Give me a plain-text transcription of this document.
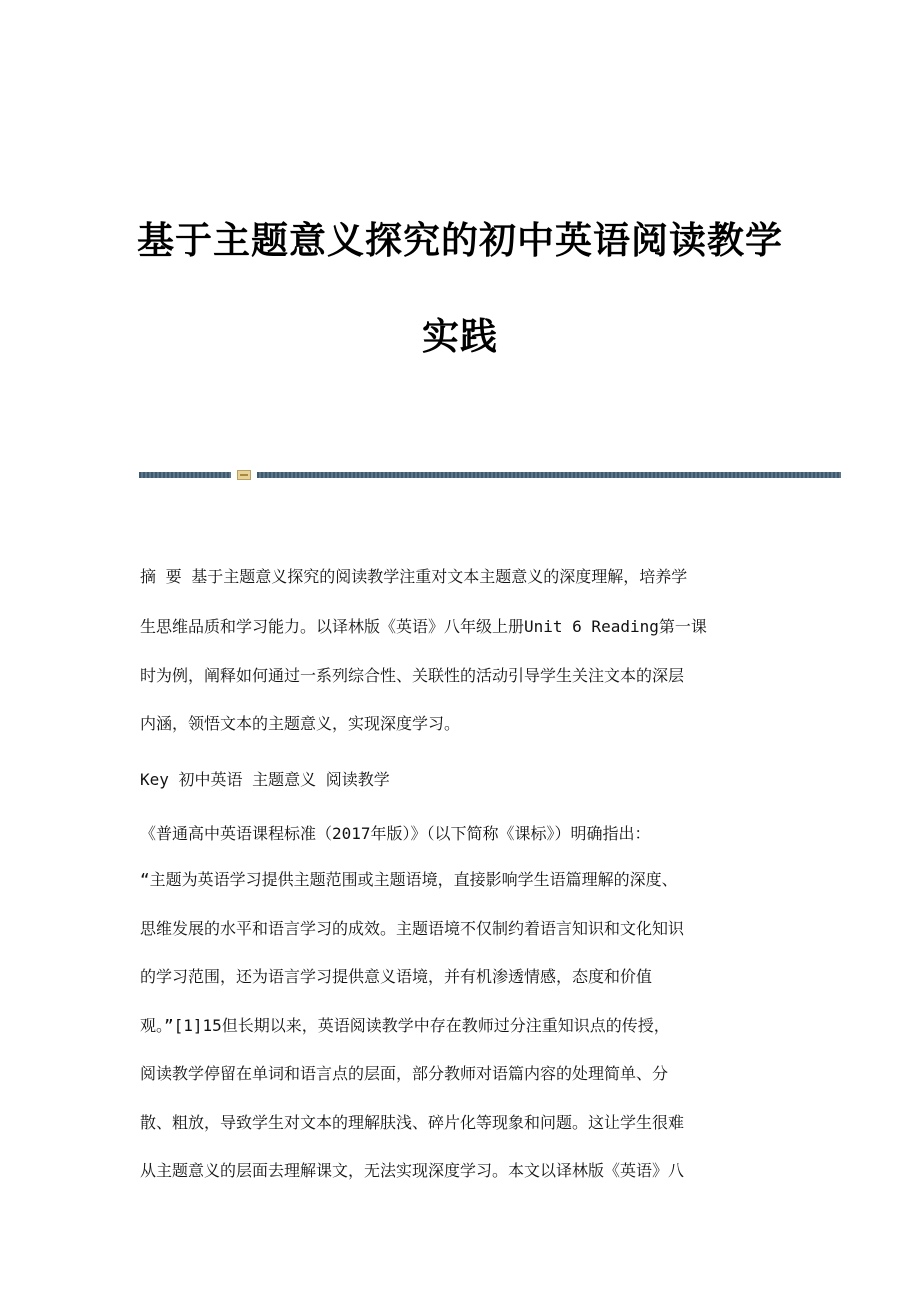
基于主题意义探究的初中英语阅读教学
实践
摘 要 基于主题意义探究的阅读教学注重对文本主题意义的深度理解，培养学
生思维品质和学习能力。以译林版《英语》八年级上册Unit 6 Reading第一课
时为例，阐释如何通过一系列综合性、关联性的活动引导学生关注文本的深层
内涵，领悟文本的主题意义，实现深度学习。
Key 初中英语 主题意义 阅读教学
《普通高中英语课程标准（2017年版）》（以下简称《课标》）明确指出：
“主题为英语学习提供主题范围或主题语境，直接影响学生语篇理解的深度、
思维发展的水平和语言学习的成效。主题语境不仅制约着语言知识和文化知识
的学习范围，还为语言学习提供意义语境，并有机渗透情感，态度和价值
观。”[1]15但长期以来，英语阅读教学中存在教师过分注重知识点的传授，
阅读教学停留在单词和语言点的层面，部分教师对语篇内容的处理简单、分
散、粗放，导致学生对文本的理解肤浅、碎片化等现象和问题。这让学生很难
从主题意义的层面去理解课文，无法实现深度学习。本文以译林版《英语》八
